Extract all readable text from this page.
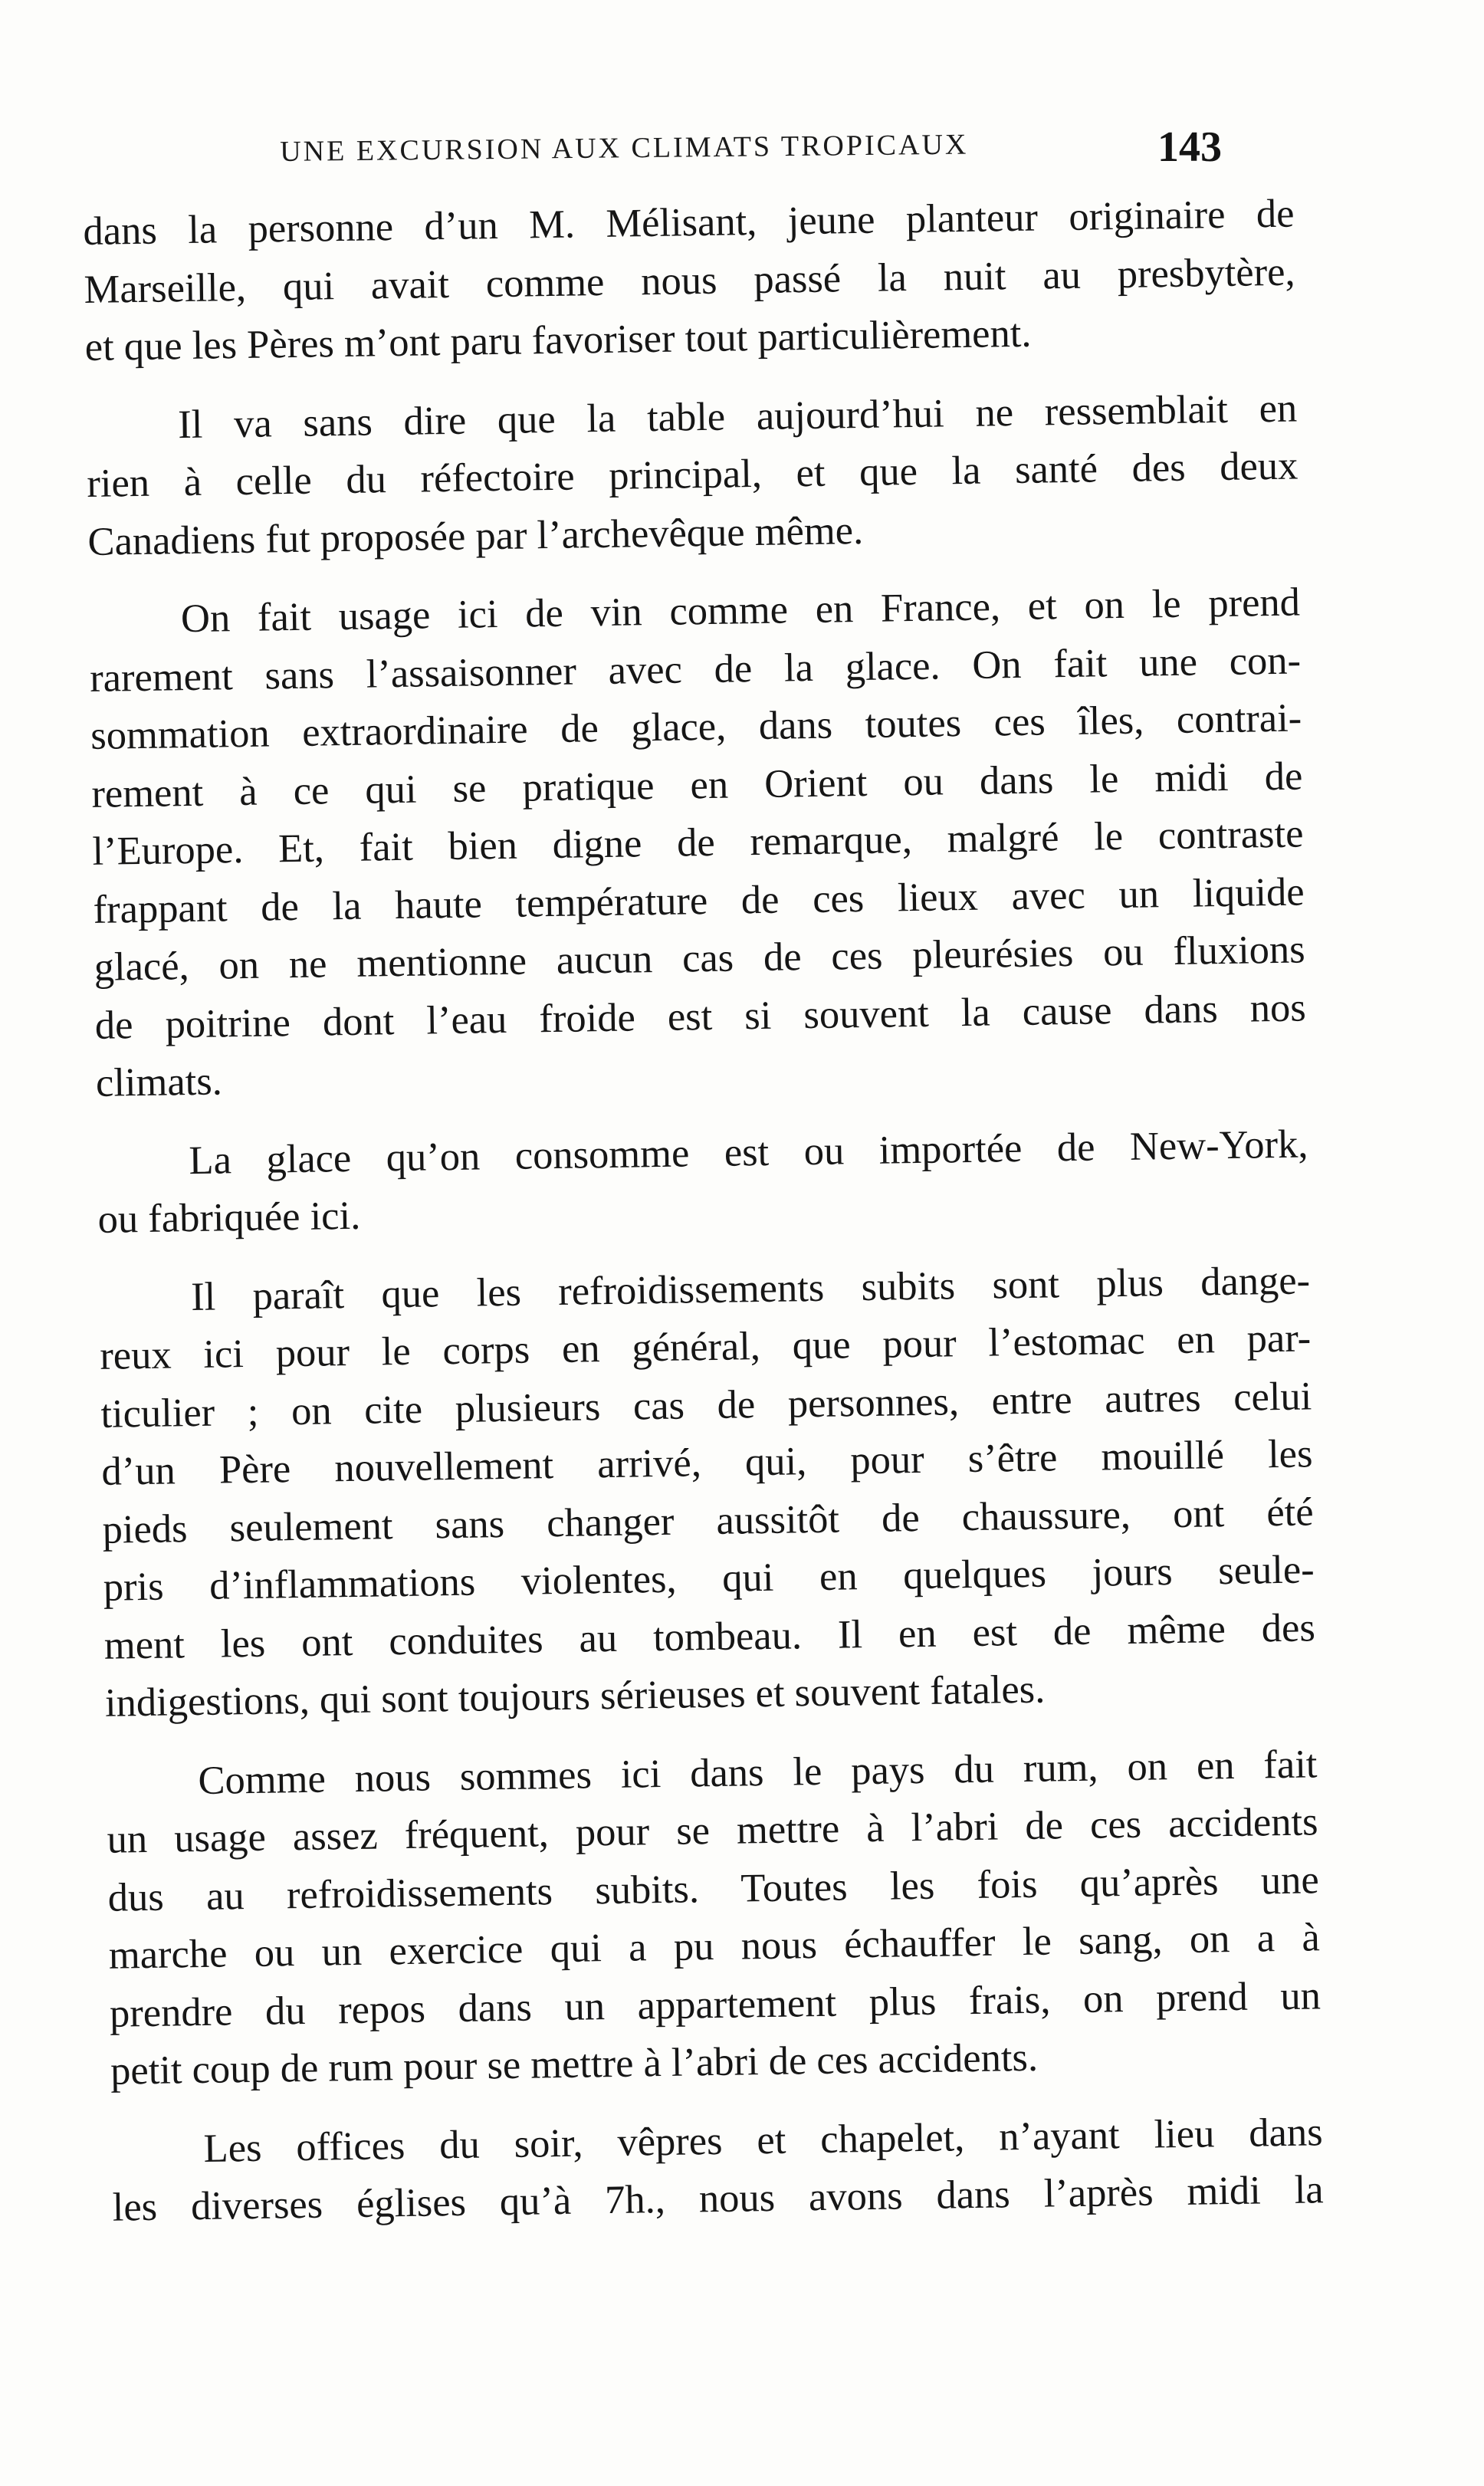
UNE EXCURSION AUX CLIMATS TROPICAUX	143
dans la personne d’un M. Mélisant, jeune planteur originaire de
Marseille, qui avait comme nous passé la nuit au presbytère,
et que les Pères m’ont paru favoriser tout particulièrement.
Il va sans dire que la table aujourd’hui ne ressemblait en
rien à celle du réfectoire principal, et que la santé des deux
Canadiens fut proposée par l’archevêque même.
On fait usage ici de vin comme en France, et on le prend
rarement sans l’assaisonner avec de la glace. On fait une con-
sommation extraordinaire de glace, dans toutes ces îles, contrai-
rement à ce qui se pratique en Orient ou dans le midi de
l’Europe. Et, fait bien digne de remarque, malgré le contraste
frappant de la haute température de ces lieux avec un liquide
glacé, on ne mentionne aucun cas de ces pleurésies ou fluxions
de poitrine dont l’eau froide est si souvent la cause dans nos
climats.
La glace qu’on consomme est ou importée de New-York,
ou fabriquée ici.
Il paraît que les refroidissements subits sont plus dange-
reux ici pour le corps en général, que pour l’estomac en par-
ticulier ; on cite plusieurs cas de personnes, entre autres celui
d’un Père nouvellement arrivé, qui, pour s’être mouillé les
pieds seulement sans changer aussitôt de chaussure, ont été
pris d’inflammations violentes, qui en quelques jours seule-
ment les ont conduites au tombeau. Il en est de même des
indigestions, qui sont toujours sérieuses et souvent fatales.
Comme nous sommes ici dans le pays du rum, on en fait
un usage assez fréquent, pour se mettre à l’abri de ces accidents
dus au refroidissements subits. Toutes les fois qu’après une
marche ou un exercice qui a pu nous échauffer le sang, on a à
prendre du repos dans un appartement plus frais, on prend un
petit coup de rum pour se mettre à l’abri de ces accidents.
Les offices du soir, vêpres et chapelet, n’ayant lieu dans
les diverses églises qu’à 7h., nous avons dans l’après midi la
